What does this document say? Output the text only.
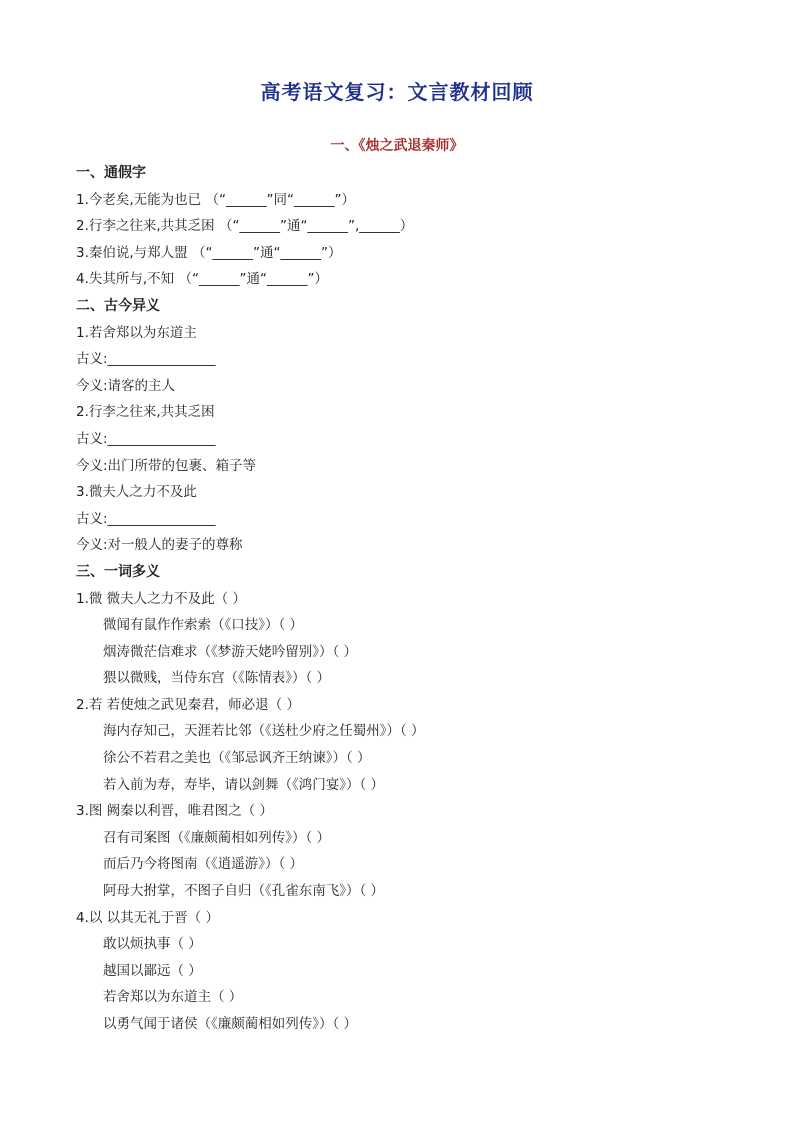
高考语文复习：文言教材回顾
一、《烛之武退秦师》
一、通假字
1.今老矣,无能为也已 （“______”同“______”）
2.行李之往来,共其乏困 （“______”通“______”,______）
3.秦伯说,与郑人盟 （“______”通“______”）
4.失其所与,不知 （“______”通“______”）
二、古今异义
1.若舍郑以为东道主
古义:________________
今义:请客的主人
2.行李之往来,共其乏困
古义:________________
今义:出门所带的包裹、箱子等
3.微夫人之力不及此
古义:________________
今义:对一般人的妻子的尊称
三、一词多义
1.微 微夫人之力不及此（ ）
微闻有鼠作作索索（《口技》）（ ）
烟涛微茫信难求（《梦游天姥吟留别》）（ ）
猥以微贱，当侍东宫（《陈情表》）（ ）
2.若 若使烛之武见秦君，师必退（ ）
海内存知己，天涯若比邻（《送杜少府之任蜀州》）（ ）
徐公不若君之美也（《邹忌讽齐王纳谏》）（ ）
若入前为寿，寿毕，请以剑舞（《鸿门宴》）（ ）
3.图 阙秦以利晋，唯君图之（ ）
召有司案图（《廉颇蔺相如列传》）（ ）
而后乃今将图南（《逍遥游》）（ ）
阿母大拊掌，不图子自归（《孔雀东南飞》）（ ）
4.以 以其无礼于晋（ ）
敢以烦执事（ ）
越国以鄙远（ ）
若舍郑以为东道主（ ）
以勇气闻于诸侯（《廉颇蔺相如列传》）（ ）
